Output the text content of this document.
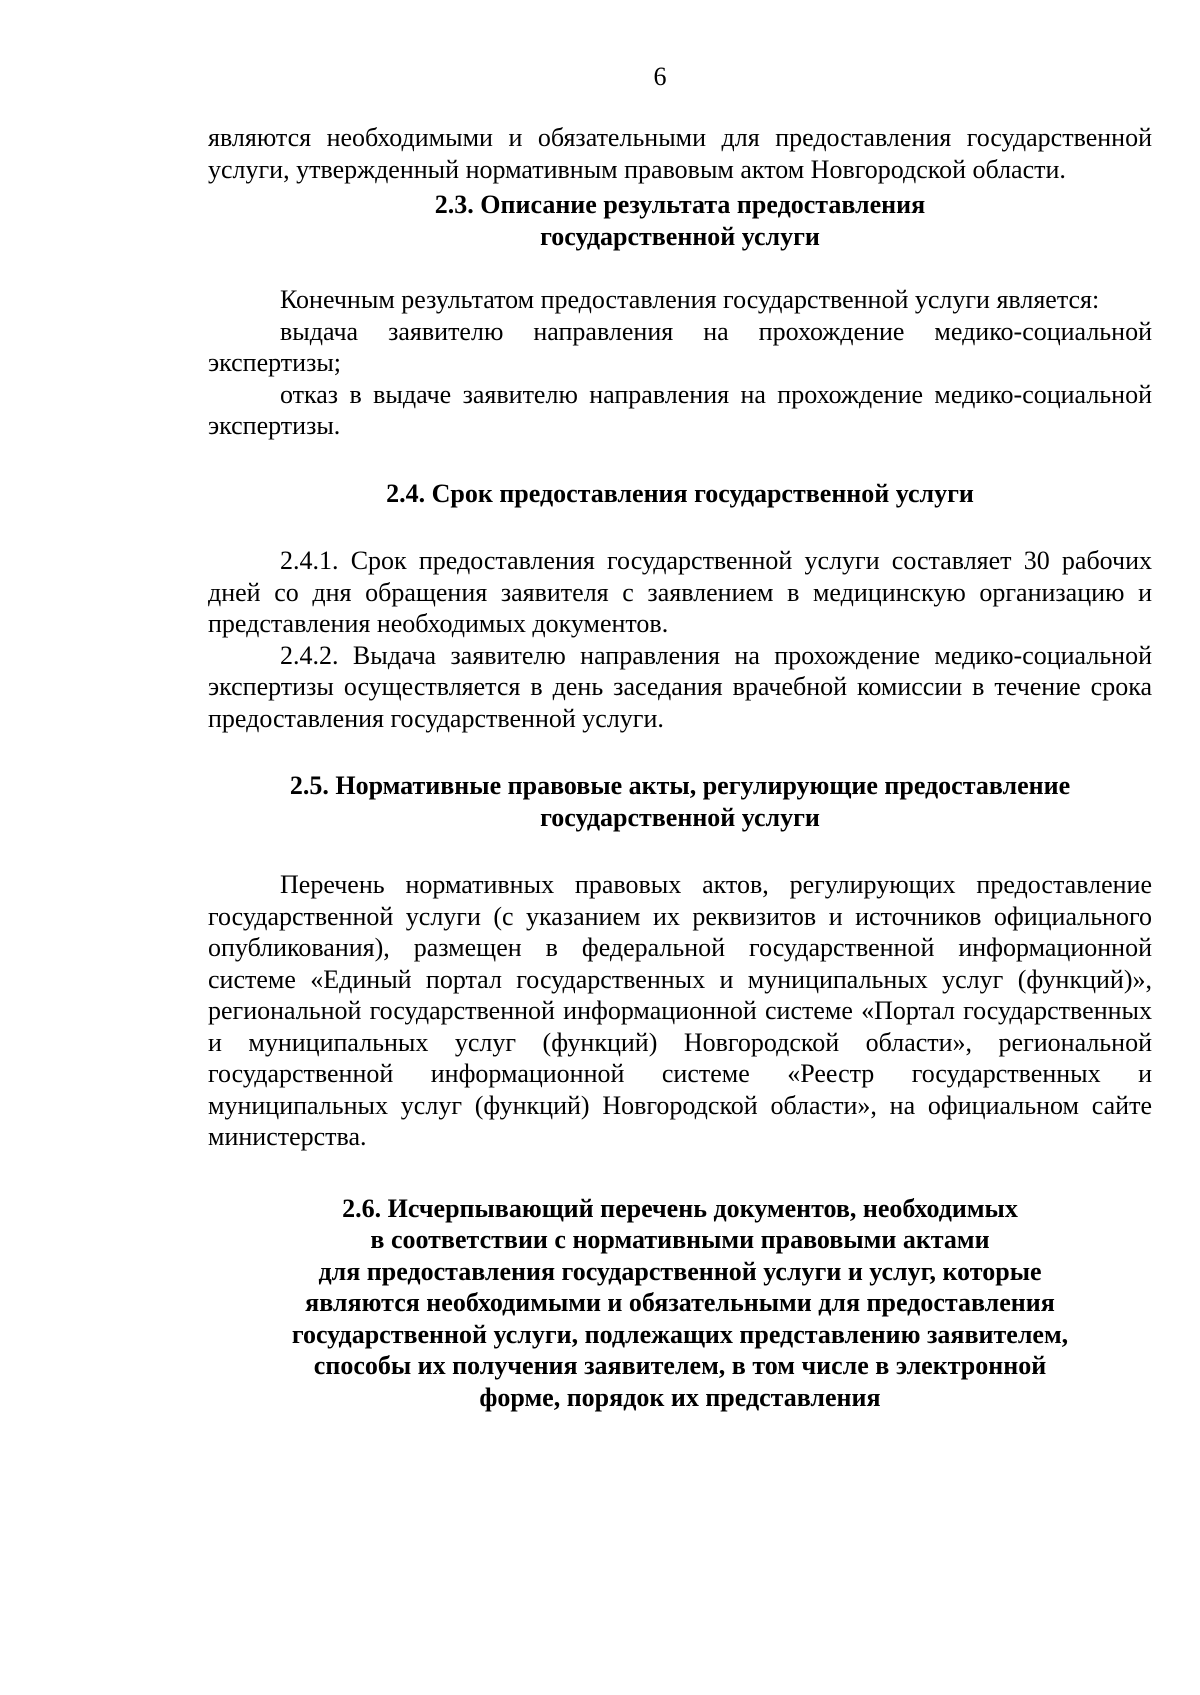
6

являются необходимыми и обязательными для предоставления государственной услуги, утвержденный нормативным правовым актом Новгородской области.

2.3. Описание результата предоставления
государственной услуги

Конечным результатом предоставления государственной услуги является:

выдача заявителю направления на прохождение медико-социальной экспертизы;

отказ в выдаче заявителю направления на прохождение медико-социальной экспертизы.

2.4. Срок предоставления государственной услуги

2.4.1. Срок предоставления государственной услуги составляет 30 рабочих дней со дня обращения заявителя с заявлением в медицинскую организацию и представления необходимых документов.

2.4.2. Выдача заявителю направления на прохождение медико-социальной экспертизы осуществляется в день заседания врачебной комиссии в течение срока предоставления государственной услуги.

2.5. Нормативные правовые акты, регулирующие предоставление
государственной услуги

Перечень нормативных правовых актов, регулирующих предоставление государственной услуги (с указанием их реквизитов и источников официального опубликования), размещен в федеральной государственной информационной системе «Единый портал государственных и муниципальных услуг (функций)», региональной государственной информационной системе «Портал государственных и муниципальных услуг (функций) Новгородской области», региональной государственной информационной системе «Реестр государственных и муниципальных услуг (функций) Новгородской области», на официальном сайте министерства.

2.6. Исчерпывающий перечень документов, необходимых
в соответствии с нормативными правовыми актами
для предоставления государственной услуги и услуг, которые
являются необходимыми и обязательными для предоставления
государственной услуги, подлежащих представлению заявителем,
способы их получения заявителем, в том числе в электронной
форме, порядок их представления
